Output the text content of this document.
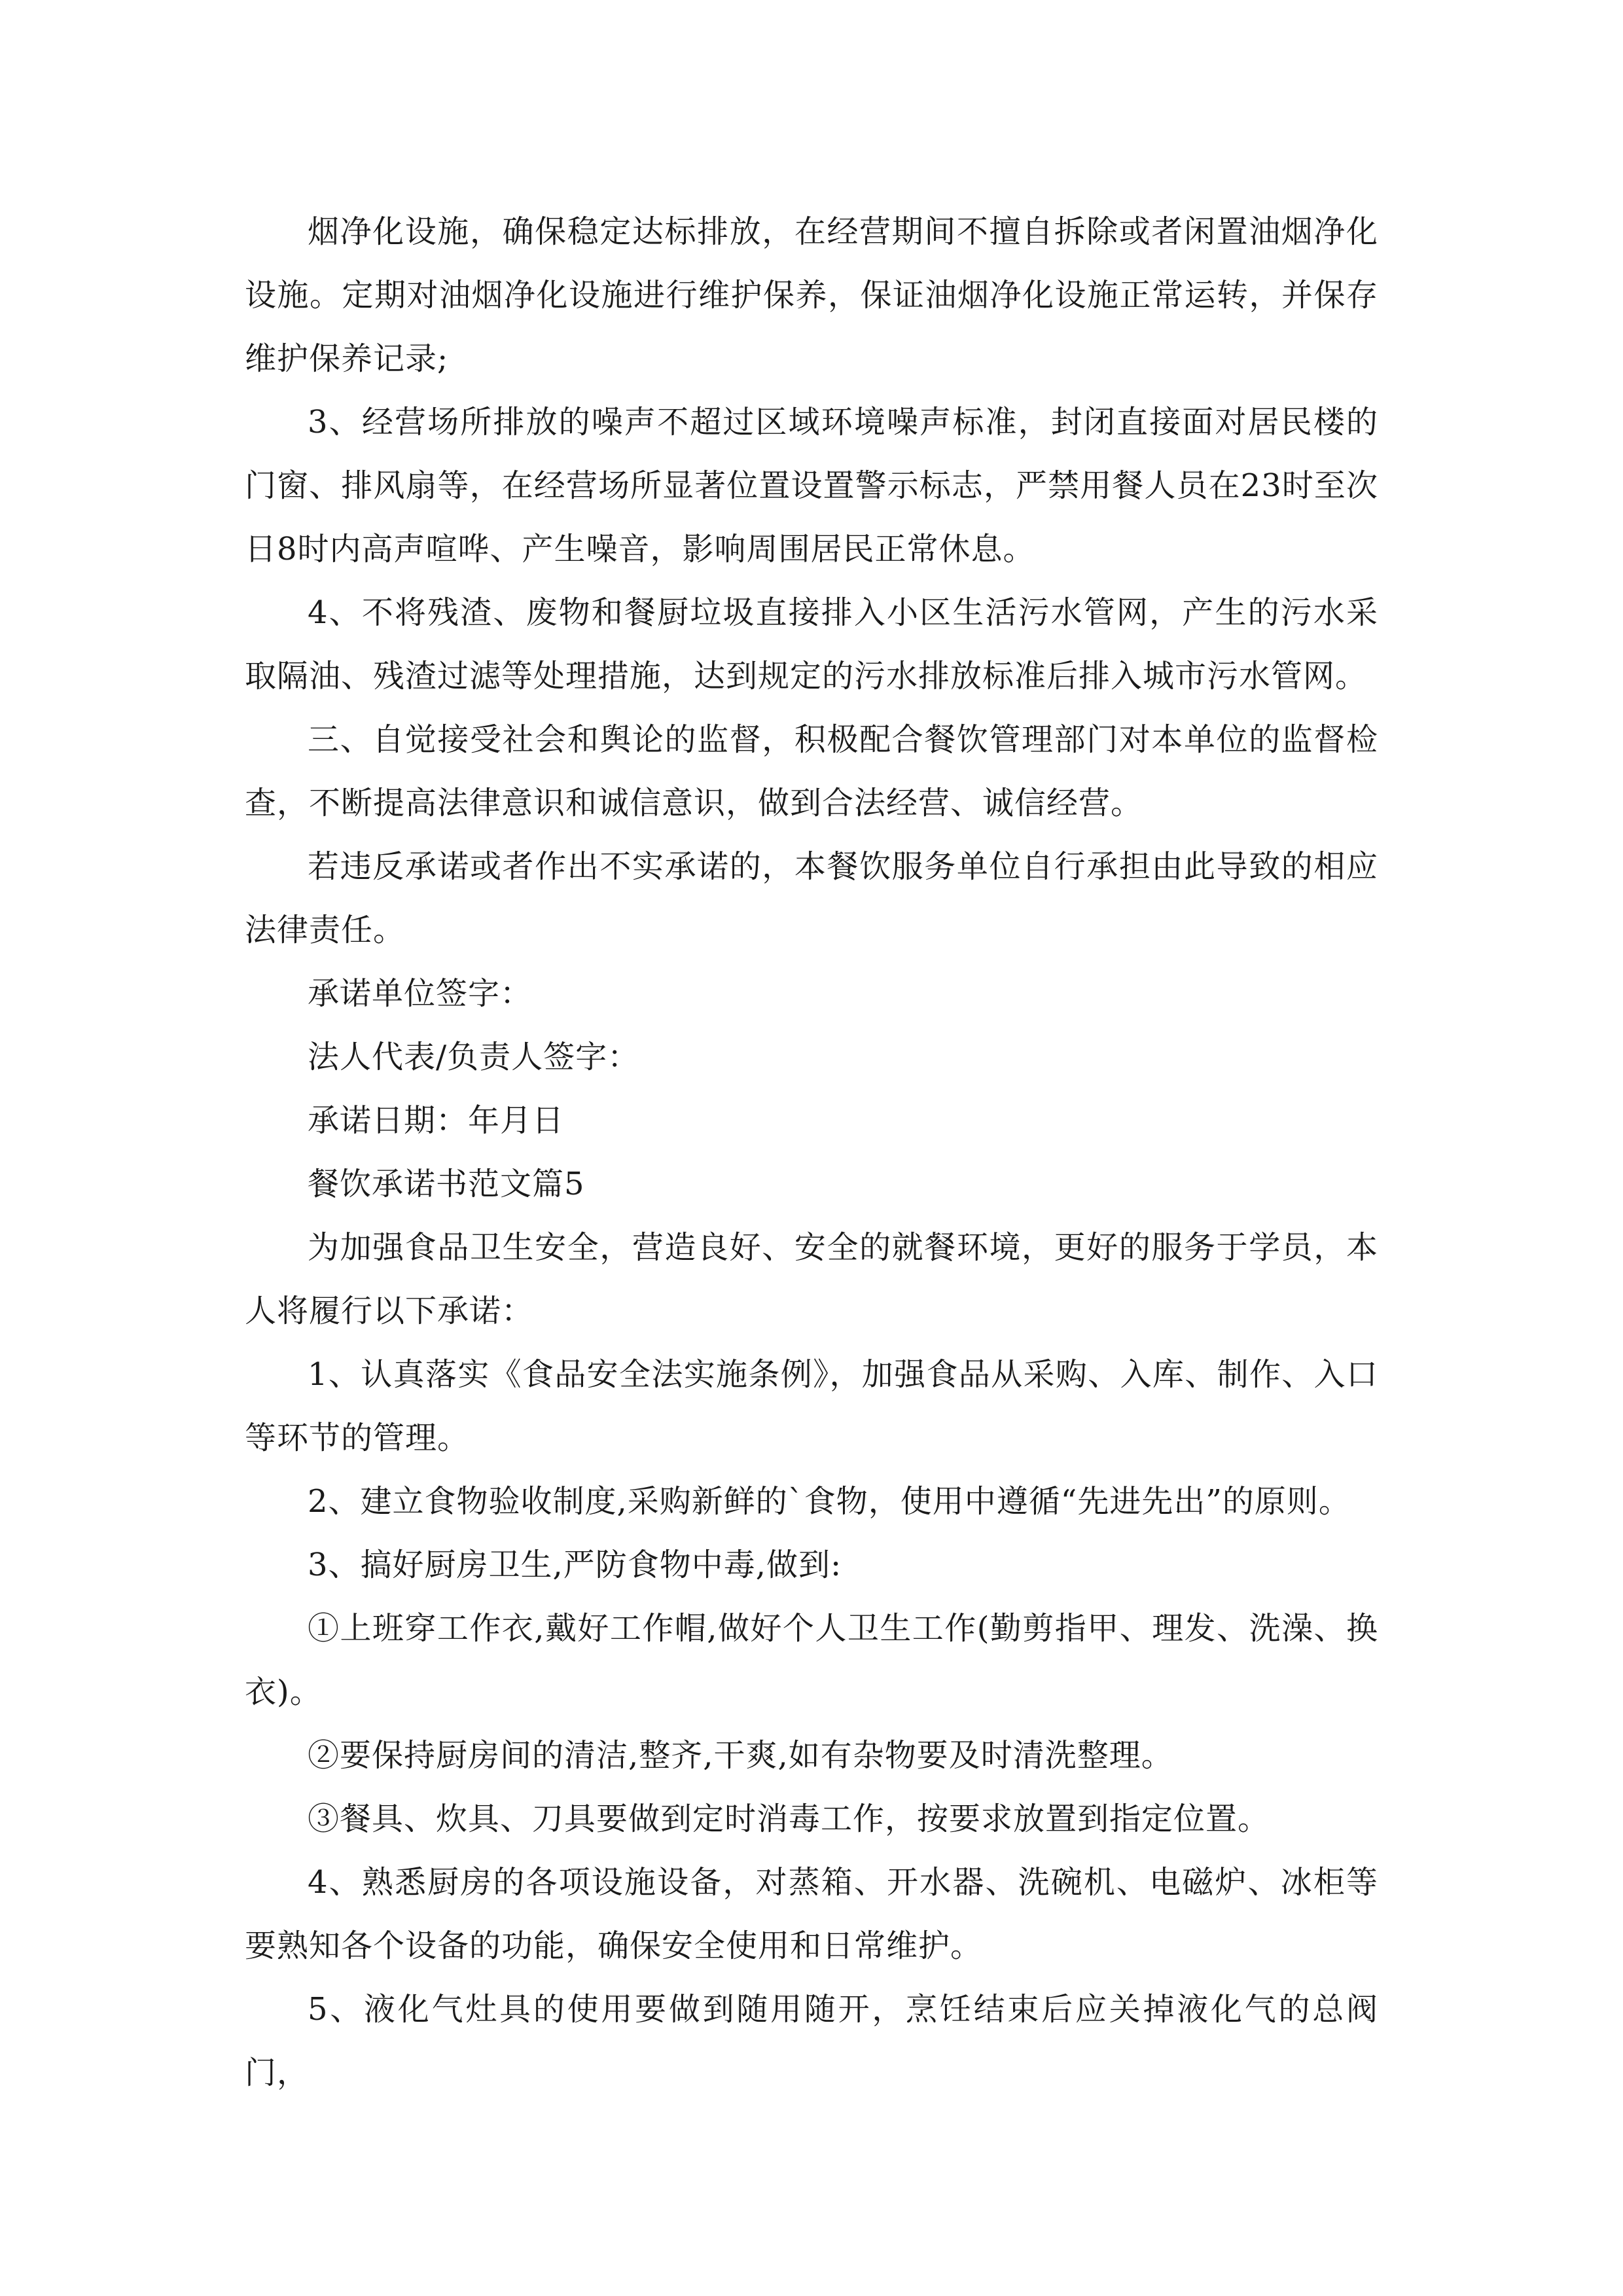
烟净化设施，确保稳定达标排放，在经营期间不擅自拆除或者闲置油烟净化设施。定期对油烟净化设施进行维护保养，保证油烟净化设施正常运转，并保存维护保养记录;

3、经营场所排放的噪声不超过区域环境噪声标准，封闭直接面对居民楼的门窗、排风扇等，在经营场所显著位置设置警示标志，严禁用餐人员在23时至次日8时内高声喧哗、产生噪音，影响周围居民正常休息。

4、不将残渣、废物和餐厨垃圾直接排入小区生活污水管网，产生的污水采取隔油、残渣过滤等处理措施，达到规定的污水排放标准后排入城市污水管网。

三、自觉接受社会和舆论的监督，积极配合餐饮管理部门对本单位的监督检查，不断提高法律意识和诚信意识，做到合法经营、诚信经营。

若违反承诺或者作出不实承诺的，本餐饮服务单位自行承担由此导致的相应法律责任。

承诺单位签字：

法人代表/负责人签字：

承诺日期：年月日

餐饮承诺书范文篇5

为加强食品卫生安全，营造良好、安全的就餐环境，更好的服务于学员，本人将履行以下承诺：

1、认真落实《食品安全法实施条例》，加强食品从采购、入库、制作、入口等环节的管理。

2、建立食物验收制度,采购新鲜的`食物，使用中遵循“先进先出”的原则。

3、搞好厨房卫生,严防食物中毒,做到:

①上班穿工作衣,戴好工作帽,做好个人卫生工作(勤剪指甲、理发、洗澡、换衣)。

②要保持厨房间的清洁,整齐,干爽,如有杂物要及时清洗整理。

③餐具、炊具、刀具要做到定时消毒工作，按要求放置到指定位置。

4、熟悉厨房的各项设施设备，对蒸箱、开水器、洗碗机、电磁炉、冰柜等要熟知各个设备的功能，确保安全使用和日常维护。

5、液化气灶具的使用要做到随用随开，烹饪结束后应关掉液化气的总阀门，
